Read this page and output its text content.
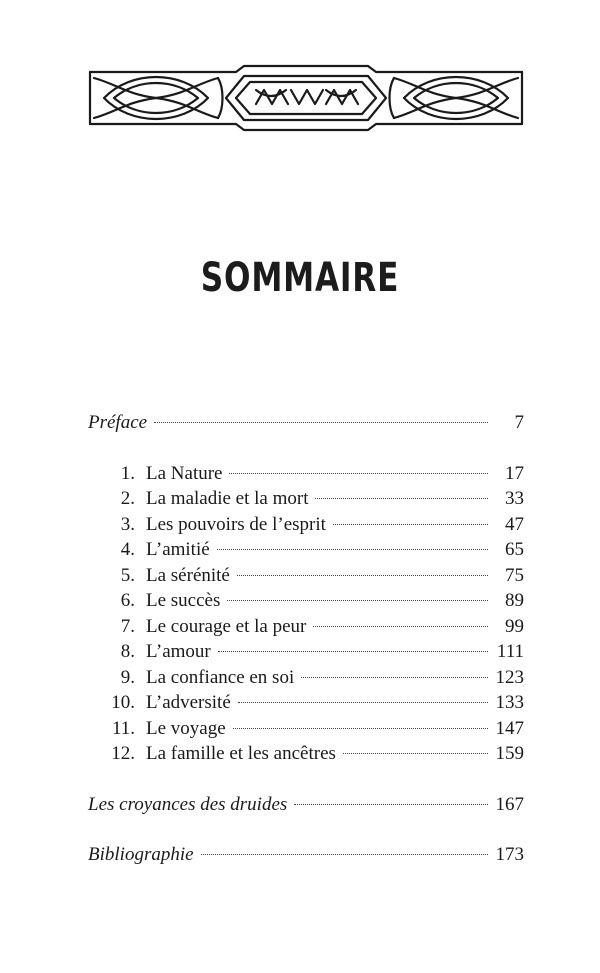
SOMMAIRE
Préface	7
1. La Nature	17
2. La maladie et la mort	33
3. Les pouvoirs de l’esprit	47
4. L’amitié	65
5. La sérénité	75
6. Le succès	89
7. Le courage et la peur	99
8. L’amour	111
9. La confiance en soi	123
10. L’adversité	133
11. Le voyage	147
12. La famille et les ancêtres	159
Les croyances des druides	167
Bibliographie	173
